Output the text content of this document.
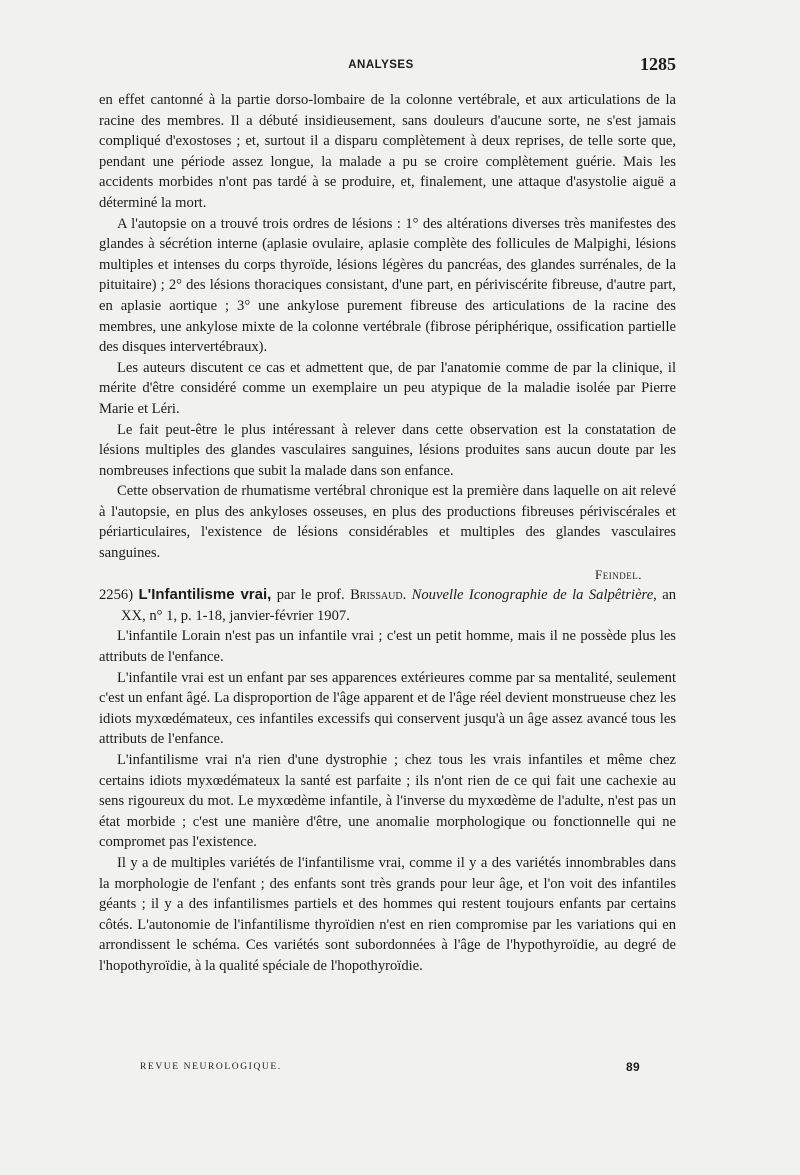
ANALYSES	1285

en effet cantonné à la partie dorso-lombaire de la colonne vertébrale, et aux articulations de la racine des membres. Il a débuté insidieusement, sans douleurs d'aucune sorte, ne s'est jamais compliqué d'exostoses ; et, surtout il a disparu complètement à deux reprises, de telle sorte que, pendant une période assez longue, la malade a pu se croire complètement guérie. Mais les accidents morbides n'ont pas tardé à se produire, et, finalement, une attaque d'asystolie aiguë a déterminé la mort.

A l'autopsie on a trouvé trois ordres de lésions : 1° des altérations diverses très manifestes des glandes à sécrétion interne (aplasie ovulaire, aplasie complète des follicules de Malpighi, lésions multiples et intenses du corps thyroïde, lésions légères du pancréas, des glandes surrénales, de la pituitaire) ; 2° des lésions thoraciques consistant, d'une part, en périviscérite fibreuse, d'autre part, en aplasie aortique ; 3° une ankylose purement fibreuse des articulations de la racine des membres, une ankylose mixte de la colonne vertébrale (fibrose périphérique, ossification partielle des disques intervertébraux).

Les auteurs discutent ce cas et admettent que, de par l'anatomie comme de par la clinique, il mérite d'être considéré comme un exemplaire un peu atypique de la maladie isolée par Pierre Marie et Léri.

Le fait peut-être le plus intéressant à relever dans cette observation est la constatation de lésions multiples des glandes vasculaires sanguines, lésions produites sans aucun doute par les nombreuses infections que subit la malade dans son enfance.

Cette observation de rhumatisme vertébral chronique est la première dans laquelle on ait relevé à l'autopsie, en plus des ankyloses osseuses, en plus des productions fibreuses périviscérales et périarticulaires, l'existence de lésions considérables et multiples des glandes vasculaires sanguines.

Feindel.

2256) L'Infantilisme vrai, par le prof. Brissaud. Nouvelle Iconographie de la Salpêtrière, an XX, n° 1, p. 1-18, janvier-février 1907.

L'infantile Lorain n'est pas un infantile vrai ; c'est un petit homme, mais il ne possède plus les attributs de l'enfance.

L'infantile vrai est un enfant par ses apparences extérieures comme par sa mentalité, seulement c'est un enfant âgé. La disproportion de l'âge apparent et de l'âge réel devient monstrueuse chez les idiots myxœdémateux, ces infantiles excessifs qui conservent jusqu'à un âge assez avancé tous les attributs de l'enfance.

L'infantilisme vrai n'a rien d'une dystrophie ; chez tous les vrais infantiles et même chez certains idiots myxœdémateux la santé est parfaite ; ils n'ont rien de ce qui fait une cachexie au sens rigoureux du mot. Le myxœdème infantile, à l'inverse du myxœdème de l'adulte, n'est pas un état morbide ; c'est une manière d'être, une anomalie morphologique ou fonctionnelle qui ne compromet pas l'existence.

Il y a de multiples variétés de l'infantilisme vrai, comme il y a des variétés innombrables dans la morphologie de l'enfant ; des enfants sont très grands pour leur âge, et l'on voit des infantiles géants ; il y a des infantilismes partiels et des hommes qui restent toujours enfants par certains côtés. L'autonomie de l'infantilisme thyroïdien n'est en rien compromise par les variations qui en arrondissent le schéma. Ces variétés sont subordonnées à l'âge de l'hypothyroïdie, au degré de l'hopothyroïdie, à la qualité spéciale de l'hopothyroïdie.

REVUE NEUROLOGIQUE.	89
